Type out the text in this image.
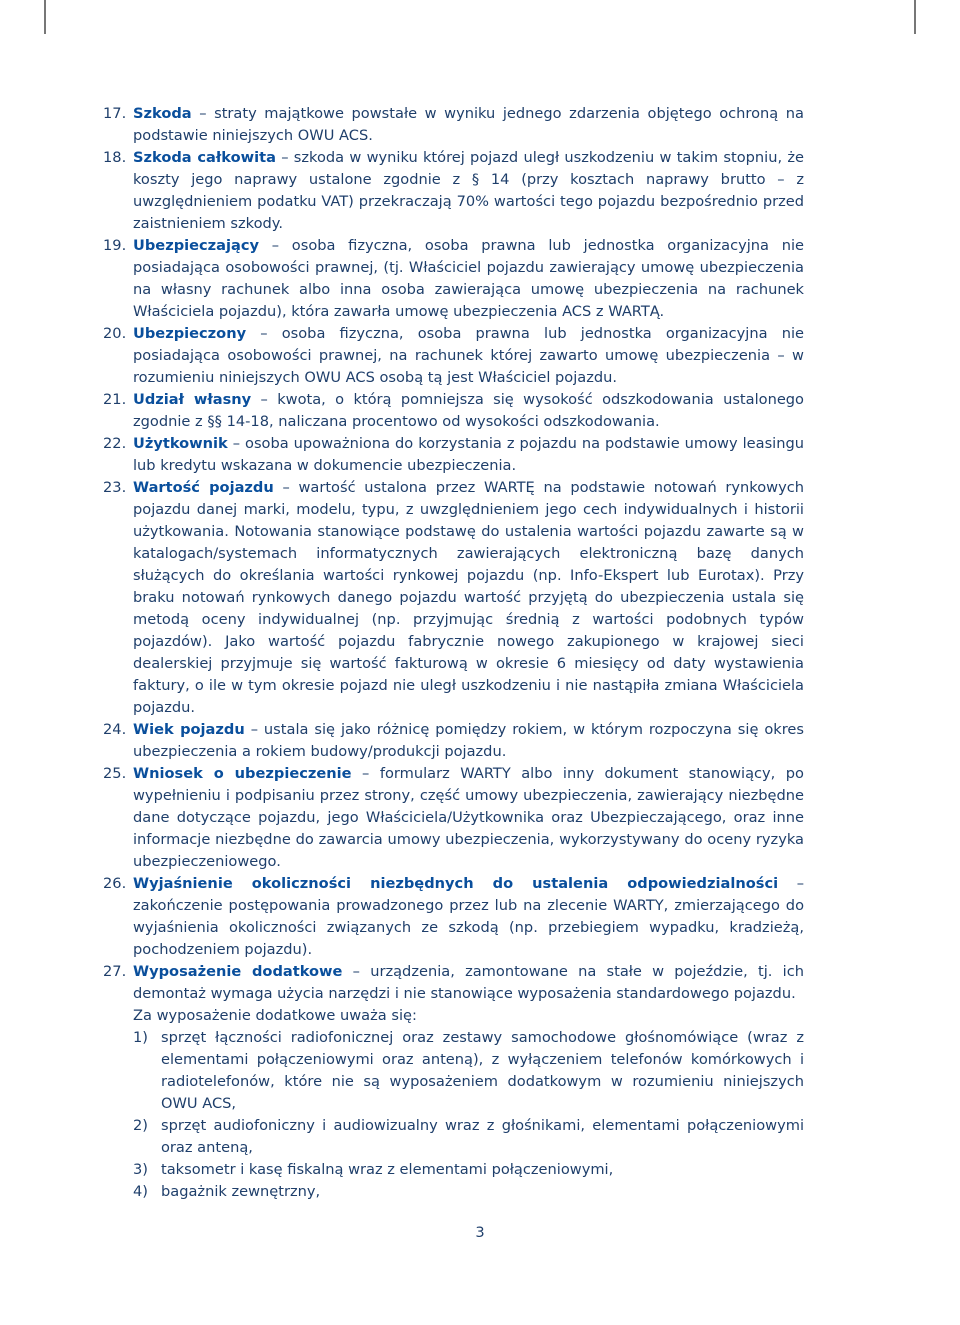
17. Szkoda – straty majątkowe powstałe w wyniku jednego zdarzenia objętego ochroną na podstawie niniejszych OWU ACS.
18. Szkoda całkowita – szkoda w wyniku której pojazd uległ uszkodzeniu w takim stopniu, że koszty jego naprawy ustalone zgodnie z § 14 (przy kosztach naprawy brutto – z uwzględnieniem podatku VAT) przekraczają 70% wartości tego pojazdu bezpośrednio przed zaistnieniem szkody.
19. Ubezpieczający – osoba fizyczna, osoba prawna lub jednostka organizacyjna nie posiadająca osobowości prawnej, (tj. Właściciel pojazdu zawierający umowę ubezpieczenia na własny rachunek albo inna osoba zawierająca umowę ubezpieczenia na rachunek Właściciela pojazdu), która zawarła umowę ubezpieczenia ACS z WARTĄ.
20. Ubezpieczony – osoba fizyczna, osoba prawna lub jednostka organizacyjna nie posiadająca osobowości prawnej, na rachunek której zawarto umowę ubezpieczenia – w rozumieniu niniejszych OWU ACS osobą tą jest Właściciel pojazdu.
21. Udział własny – kwota, o którą pomniejsza się wysokość odszkodowania ustalonego zgodnie z §§ 14-18, naliczana procentowo od wysokości odszkodowania.
22. Użytkownik – osoba upoważniona do korzystania z pojazdu na podstawie umowy leasingu lub kredytu wskazana w dokumencie ubezpieczenia.
23. Wartość pojazdu – wartość ustalona przez WARTĘ na podstawie notowań rynkowych pojazdu danej marki, modelu, typu, z uwzględnieniem jego cech indywidualnych i historii użytkowania. Notowania stanowiące podstawę do ustalenia wartości pojazdu zawarte są w katalogach/systemach informatycznych zawierających elektroniczną bazę danych służących do określania wartości rynkowej pojazdu (np. Info-Ekspert lub Eurotax). Przy braku notowań rynkowych danego pojazdu wartość przyjętą do ubezpieczenia ustala się metodą oceny indywidualnej (np. przyjmując średnią z wartości podobnych typów pojazdów). Jako wartość pojazdu fabrycznie nowego zakupionego w krajowej sieci dealerskiej przyjmuje się wartość fakturową w okresie 6 miesięcy od daty wystawienia faktury, o ile w tym okresie pojazd nie uległ uszkodzeniu i nie nastąpiła zmiana Właściciela pojazdu.
24. Wiek pojazdu – ustala się jako różnicę pomiędzy rokiem, w którym rozpoczyna się okres ubezpieczenia a rokiem budowy/produkcji pojazdu.
25. Wniosek o ubezpieczenie – formularz WARTY albo inny dokument stanowiący, po wypełnieniu i podpisaniu przez strony, część umowy ubezpieczenia, zawierający niezbędne dane dotyczące pojazdu, jego Właściciela/Użytkownika oraz Ubezpieczającego, oraz inne informacje niezbędne do zawarcia umowy ubezpieczenia, wykorzystywany do oceny ryzyka ubezpieczeniowego.
26. Wyjaśnienie okoliczności niezbędnych do ustalenia odpowiedzialności – zakończenie postępowania prowadzonego przez lub na zlecenie WARTY, zmierzającego do wyjaśnienia okoliczności związanych ze szkodą (np. przebiegiem wypadku, kradzieżą, pochodzeniem pojazdu).
27. Wyposażenie dodatkowe – urządzenia, zamontowane na stałe w pojeździe, tj. ich demontaż wymaga użycia narzędzi i nie stanowiące wyposażenia standardowego pojazdu.
Za wyposażenie dodatkowe uważa się:
1) sprzęt łączności radiofonicznej oraz zestawy samochodowe głośnomówiące (wraz z elementami połączeniowymi oraz anteną), z wyłączeniem telefonów komórkowych i radiotelefonów, które nie są wyposażeniem dodatkowym w rozumieniu niniejszych OWU ACS,
2) sprzęt audiofoniczny i audiowizualny wraz z głośnikami, elementami połączeniowymi oraz anteną,
3) taksometr i kasę fiskalną wraz z elementami połączeniowymi,
4) bagażnik zewnętrzny,
3
